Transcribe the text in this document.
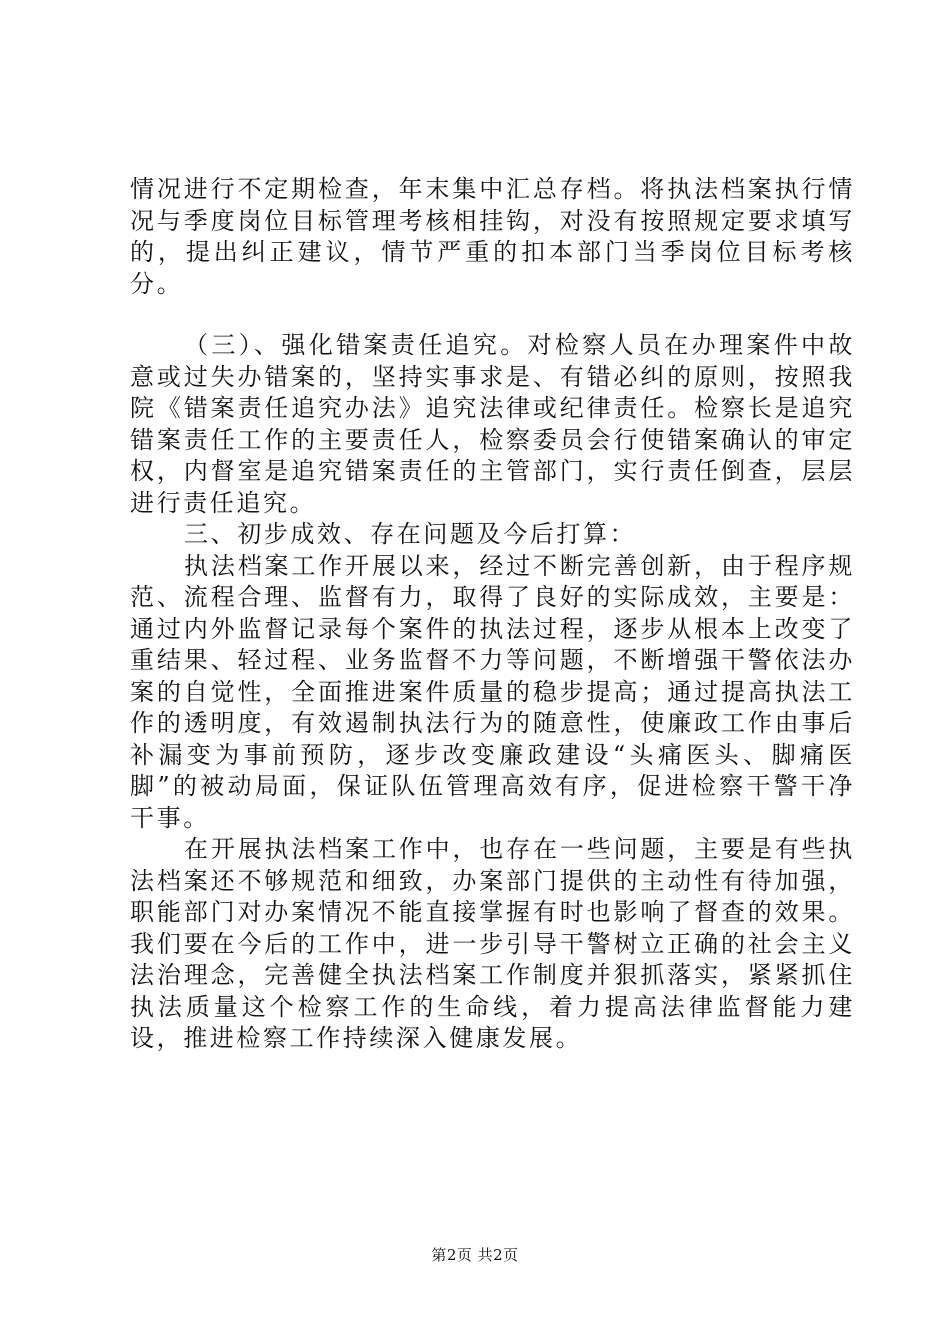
情况进行不定期检查，年末集中汇总存档。将执法档案执行情况与季度岗位目标管理考核相挂钩，对没有按照规定要求填写的，提出纠正建议，情节严重的扣本部门当季岗位目标考核分。

（三）、强化错案责任追究。对检察人员在办理案件中故意或过失办错案的，坚持实事求是、有错必纠的原则，按照我院《错案责任追究办法》追究法律或纪律责任。检察长是追究错案责任工作的主要责任人，检察委员会行使错案确认的审定权，内督室是追究错案责任的主管部门，实行责任倒查，层层进行责任追究。

三、初步成效、存在问题及今后打算：

执法档案工作开展以来，经过不断完善创新，由于程序规范、流程合理、监督有力，取得了良好的实际成效，主要是：通过内外监督记录每个案件的执法过程，逐步从根本上改变了重结果、轻过程、业务监督不力等问题，不断增强干警依法办案的自觉性，全面推进案件质量的稳步提高；通过提高执法工作的透明度，有效遏制执法行为的随意性，使廉政工作由事后补漏变为事前预防，逐步改变廉政建设“头痛医头、脚痛医脚”的被动局面，保证队伍管理高效有序，促进检察干警干净干事。

在开展执法档案工作中，也存在一些问题，主要是有些执法档案还不够规范和细致，办案部门提供的主动性有待加强，职能部门对办案情况不能直接掌握有时也影响了督查的效果。我们要在今后的工作中，进一步引导干警树立正确的社会主义法治理念，完善健全执法档案工作制度并狠抓落实，紧紧抓住执法质量这个检察工作的生命线，着力提高法律监督能力建设，推进检察工作持续深入健康发展。

第2页 共2页
